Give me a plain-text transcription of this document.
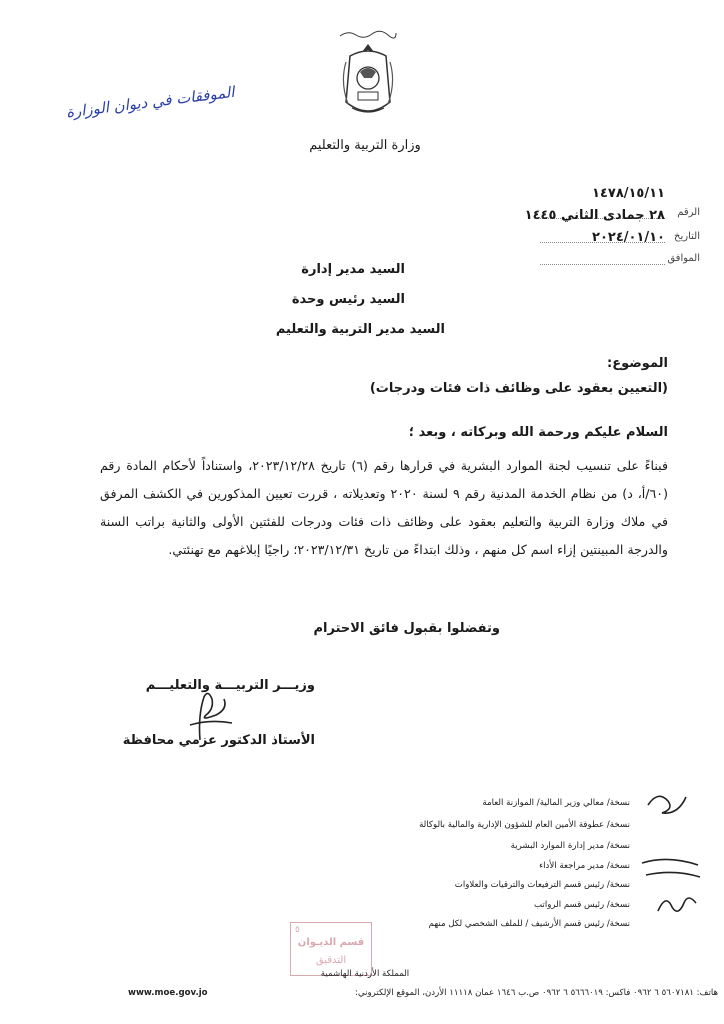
وزارة التربية والتعليم
الموفقات في ديوان الوزارة
الرقم
التاريخ
الموافق
١٤٧٨/١٥/١١
٢٨ جمادى الثاني ١٤٤٥
٢٠٢٤/٠١/١٠
السيد مدير إدارة
السيد رئيس وحدة
السيد مدير التربية والتعليم
الموضوع:
(التعيين بعقود على وظائف ذات فئات ودرجات)
السلام عليكم ورحمة الله وبركاته ، وبعد ؛
فبناءً على تنسيب لجنة الموارد البشرية في قرارها رقم (٦) تاريخ ٢٠٢٣/١٢/٢٨، واستناداً لأحكام المادة رقم (٦٠/أ، د) من نظام الخدمة المدنية رقم ٩ لسنة ٢٠٢٠ وتعديلاته ، قررت تعيين المذكورين في الكشف المرفق في ملاك وزارة التربية والتعليم بعقود على وظائف ذات فئات ودرجات للفئتين الأولى والثانية براتب السنة والدرجة المبينتين إزاء اسم كل منهم ، وذلك ابتداءً من تاريخ ٢٠٢٣/١٢/٣١؛ راجيًا إبلاغهم مع تهنئتي.
وتفضلوا بقبول فائق الاحترام
وزيـــر التربيـــة والتعليـــم
الأستاذ الدكتور عزمي محافظة
نسخة/ معالي وزير المالية/ الموازنة العامة
نسخة/ عطوفة الأمين العام للشؤون الإدارية والمالية بالوكالة
نسخة/ مدير إدارة الموارد البشرية
نسخة/ مدير مراجعة الأداء
نسخة/ رئيس قسم الترفيعات والترقيات والعلاوات
نسخة/ رئيس قسم الرواتب
نسخة/ رئيس قسم الأرشيف / للملف الشخصي لكل منهم
٥
قسم الديـوان
التدقيق
المملكة الأردنية الهاشمية
www.moe.gov.jo	هاتف: ٥٦٠٧١٨١ ٦ ٠٩٦٢ فاكس: ٥٦٦٦٠١٩ ٦ ٠٩٦٢ ص.ب ١٦٤٦ عمان ١١١١٨ الأردن، الموقع الإلكتروني:
